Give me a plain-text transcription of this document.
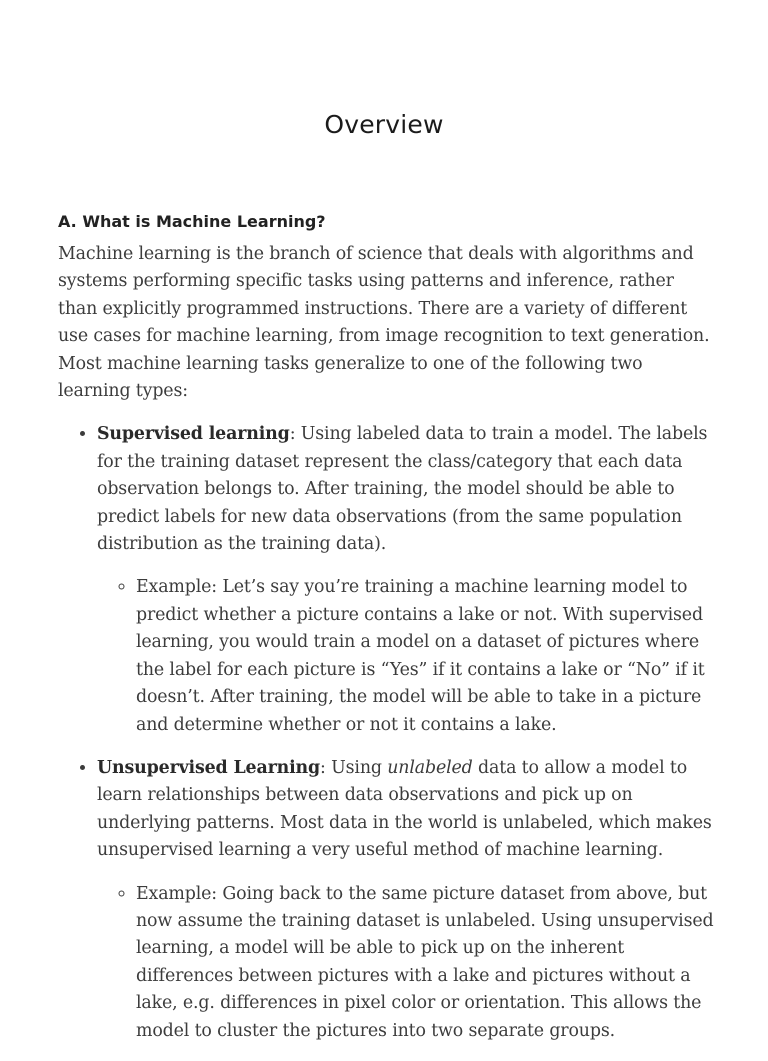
Overview
A. What is Machine Learning?

Machine learning is the branch of science that deals with algorithms and systems performing specific tasks using patterns and inference, rather than explicitly programmed instructions. There are a variety of different use cases for machine learning, from image recognition to text generation. Most machine learning tasks generalize to one of the following two learning types:

• Supervised learning: Using labeled data to train a model. The labels for the training dataset represent the class/category that each data observation belongs to. After training, the model should be able to predict labels for new data observations (from the same population distribution as the training data).
◦ Example: Let’s say you’re training a machine learning model to predict whether a picture contains a lake or not. With supervised learning, you would train a model on a dataset of pictures where the label for each picture is “Yes” if it contains a lake or “No” if it doesn’t. After training, the model will be able to take in a picture and determine whether or not it contains a lake.
• Unsupervised Learning: Using unlabeled data to allow a model to learn relationships between data observations and pick up on underlying patterns. Most data in the world is unlabeled, which makes unsupervised learning a very useful method of machine learning.
◦ Example: Going back to the same picture dataset from above, but now assume the training dataset is unlabeled. Using unsupervised learning, a model will be able to pick up on the inherent differences between pictures with a lake and pictures without a lake, e.g. differences in pixel color or orientation. This allows the model to cluster the pictures into two separate groups.
